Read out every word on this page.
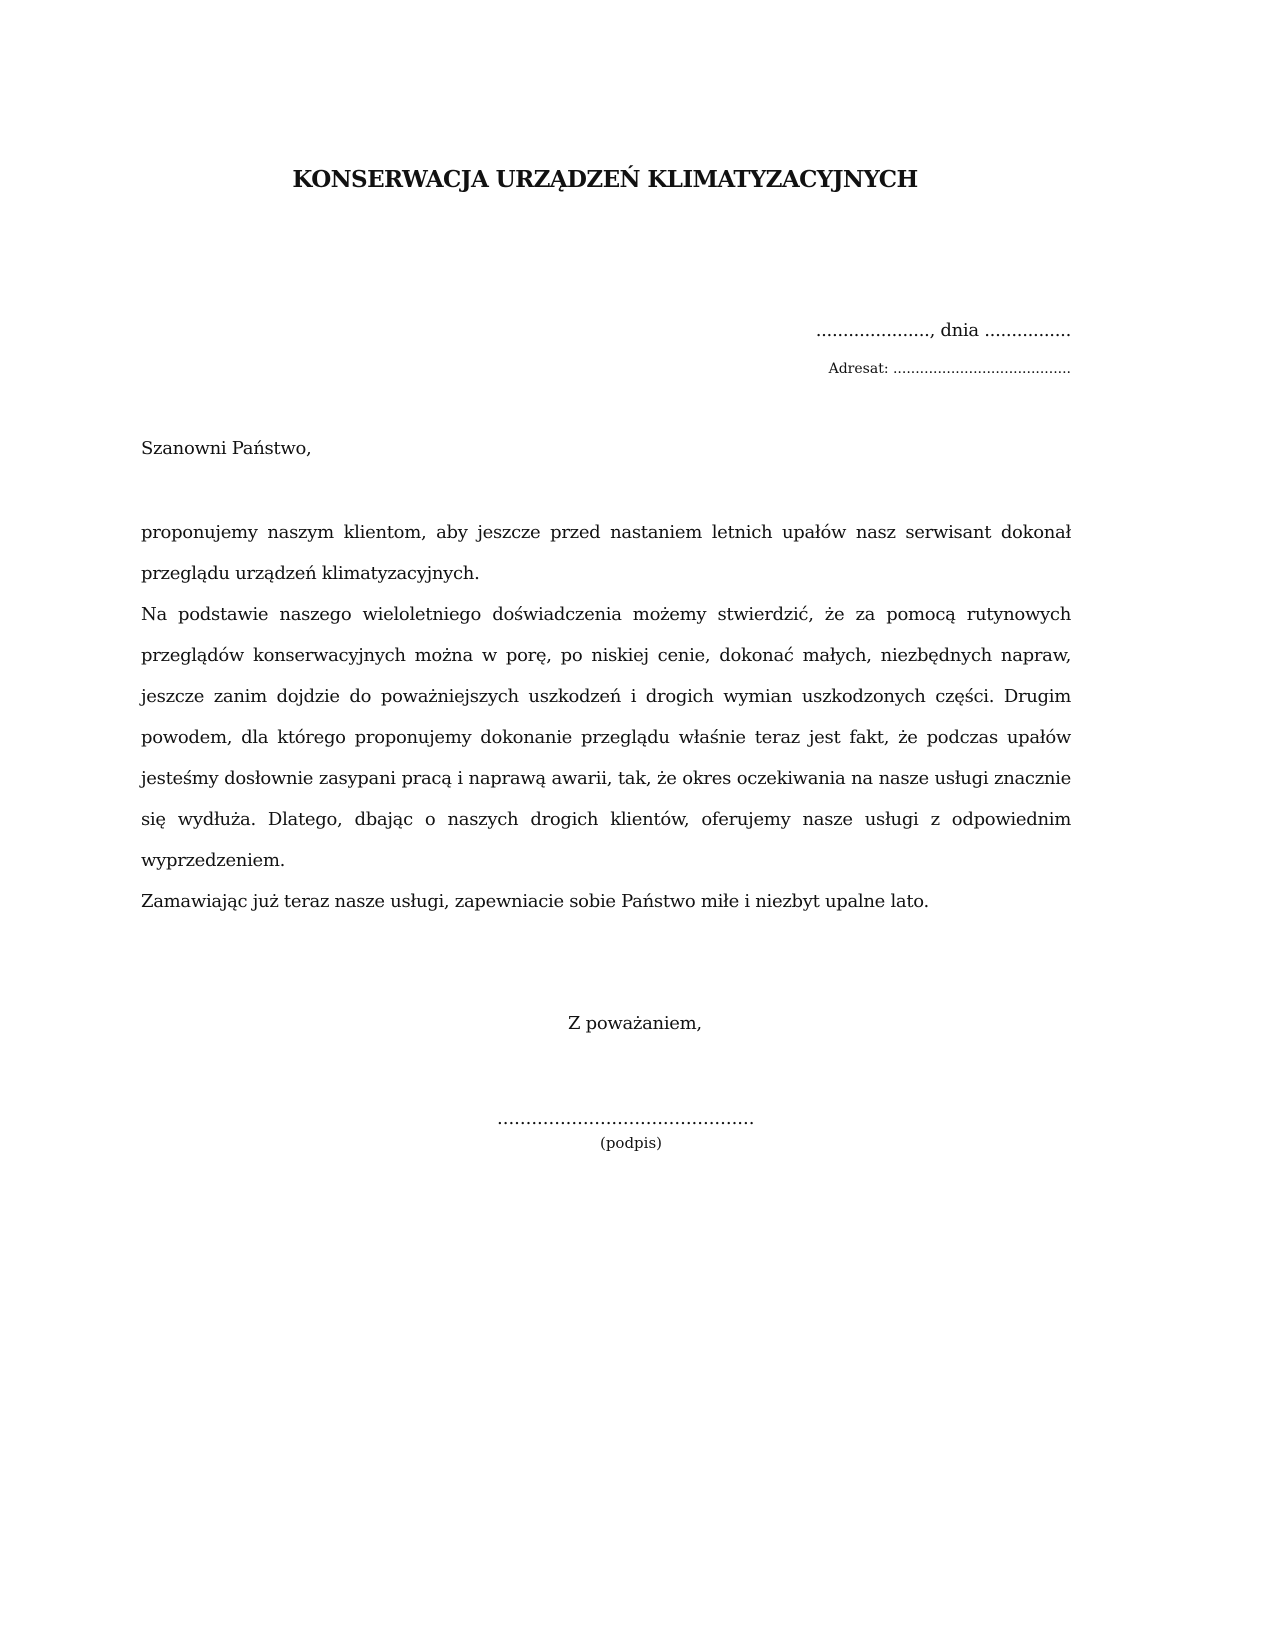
KONSERWACJA URZĄDZEŃ KLIMATYZACYJNYCH
....................., dnia ................
Adresat: ........................................
Szanowni Państwo,

proponujemy naszym klientom, aby jeszcze przed nastaniem letnich upałów nasz serwisant dokonał przeglądu urządzeń klimatyzacyjnych.

Na podstawie naszego wieloletniego doświadczenia możemy stwierdzić, że za pomocą rutynowych przeglądów konserwacyjnych można w porę, po niskiej cenie, dokonać małych, niezbędnych napraw, jeszcze zanim dojdzie do poważniejszych uszkodzeń i drogich wymian uszkodzonych części. Drugim powodem, dla którego proponujemy dokonanie przeglądu właśnie teraz jest fakt, że podczas upałów jesteśmy dosłownie zasypani pracą i naprawą awarii, tak, że okres oczekiwania na nasze usługi znacznie się wydłuża. Dlatego, dbając o naszych drogich klientów, oferujemy nasze usługi z odpowiednim wyprzedzeniem.

Zamawiając już teraz nasze usługi, zapewniacie sobie Państwo miłe i niezbyt upalne lato.

Z poważaniem,
.............................................
(podpis)
